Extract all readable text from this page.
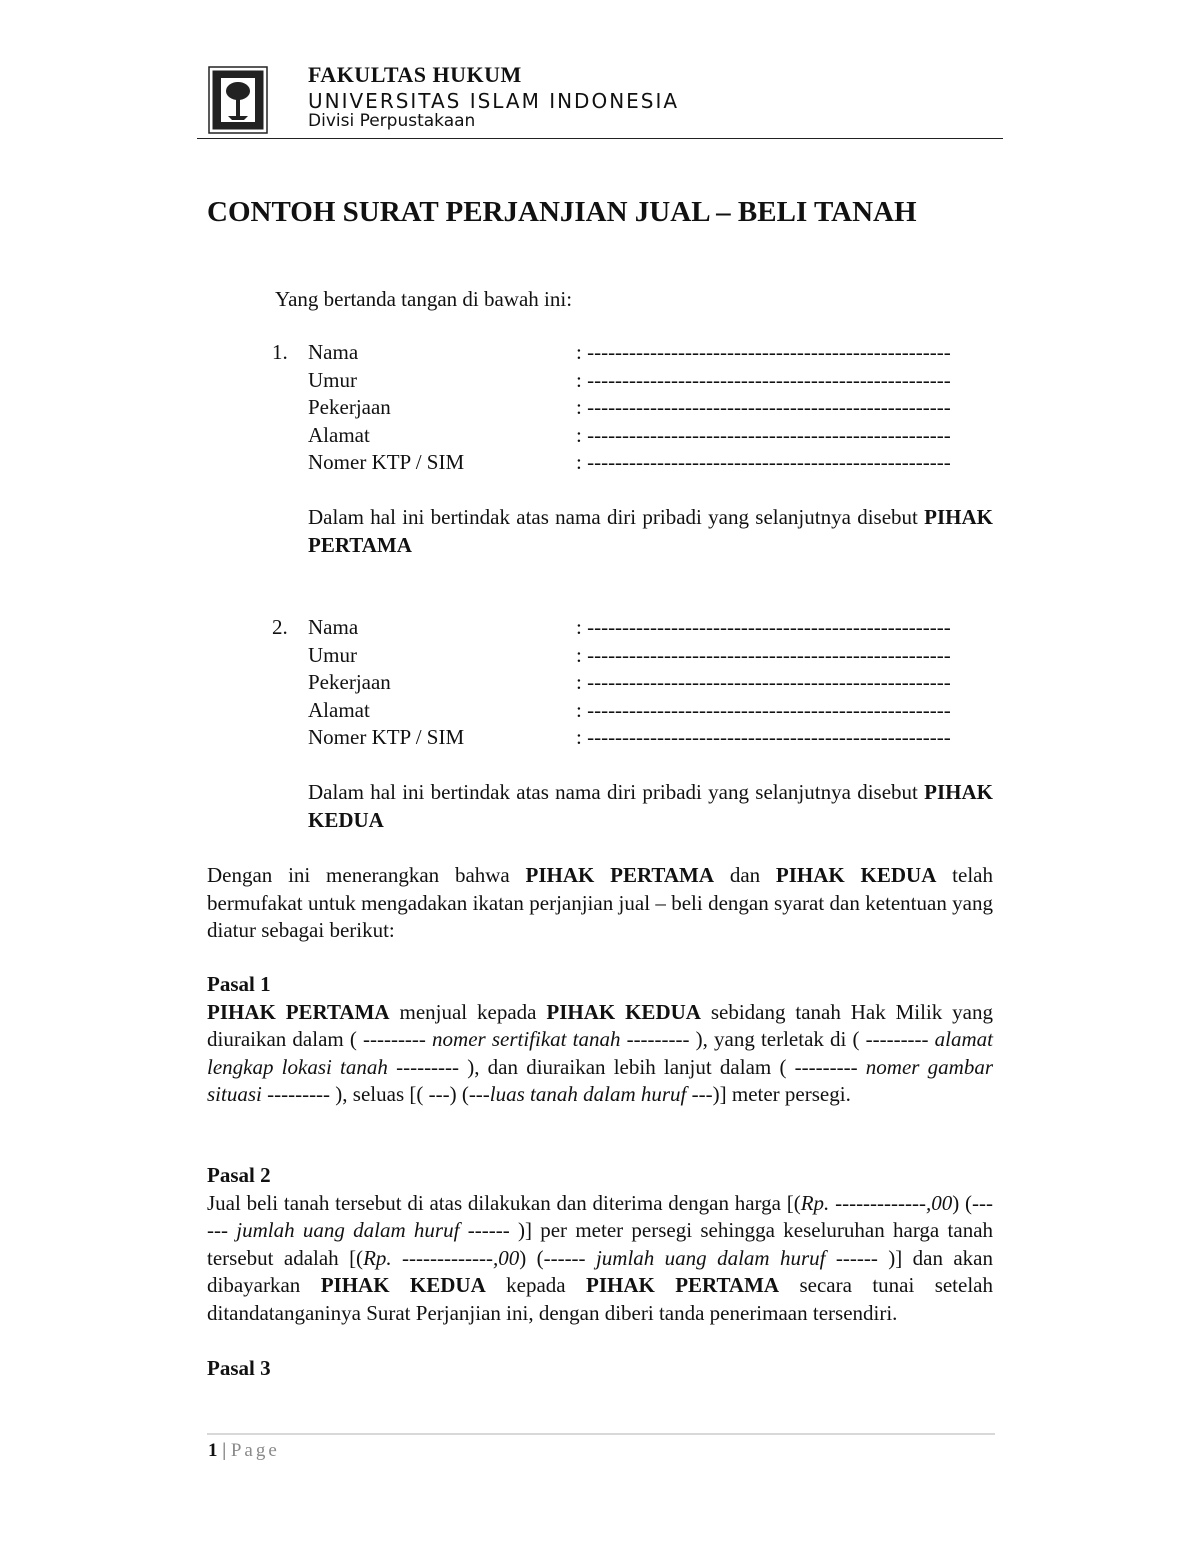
FAKULTAS HUKUM
UNIVERSITAS ISLAM INDONESIA
Divisi Perpustakaan
CONTOH SURAT PERJANJIAN JUAL – BELI TANAH
Yang bertanda tangan di bawah ini:
1. Nama	: ----------------------------------------------------
Umur	: ----------------------------------------------------
Pekerjaan	: ----------------------------------------------------
Alamat	: ----------------------------------------------------
Nomer KTP / SIM	: ----------------------------------------------------
Dalam hal ini bertindak atas nama diri pribadi yang selanjutnya disebut PIHAK PERTAMA
2. Nama	: ----------------------------------------------------
Umur	: ----------------------------------------------------
Pekerjaan	: ----------------------------------------------------
Alamat	: ----------------------------------------------------
Nomer KTP / SIM	: ----------------------------------------------------
Dalam hal ini bertindak atas nama diri pribadi yang selanjutnya disebut PIHAK KEDUA
Dengan ini menerangkan bahwa PIHAK PERTAMA dan PIHAK KEDUA telah bermufakat untuk mengadakan ikatan perjanjian jual – beli dengan syarat dan ketentuan yang diatur sebagai berikut:
Pasal 1
PIHAK PERTAMA menjual kepada PIHAK KEDUA sebidang tanah Hak Milik yang diuraikan dalam ( --------- nomer sertifikat tanah --------- ), yang terletak di ( --------- alamat lengkap lokasi tanah --------- ), dan diuraikan lebih lanjut dalam ( --------- nomer gambar situasi --------- ), seluas [( ---) (---luas tanah dalam huruf ---)] meter persegi.
Pasal 2
Jual beli tanah tersebut di atas dilakukan dan diterima dengan harga [(Rp. -------------,00) (------ jumlah uang dalam huruf ------ )] per meter persegi sehingga keseluruhan harga tanah tersebut adalah [(Rp. -------------,00) (------ jumlah uang dalam huruf ------ )] dan akan dibayarkan PIHAK KEDUA kepada PIHAK PERTAMA secara tunai setelah ditandatanganinya Surat Perjanjian ini, dengan diberi tanda penerimaan tersendiri.
Pasal 3
1 | Page
